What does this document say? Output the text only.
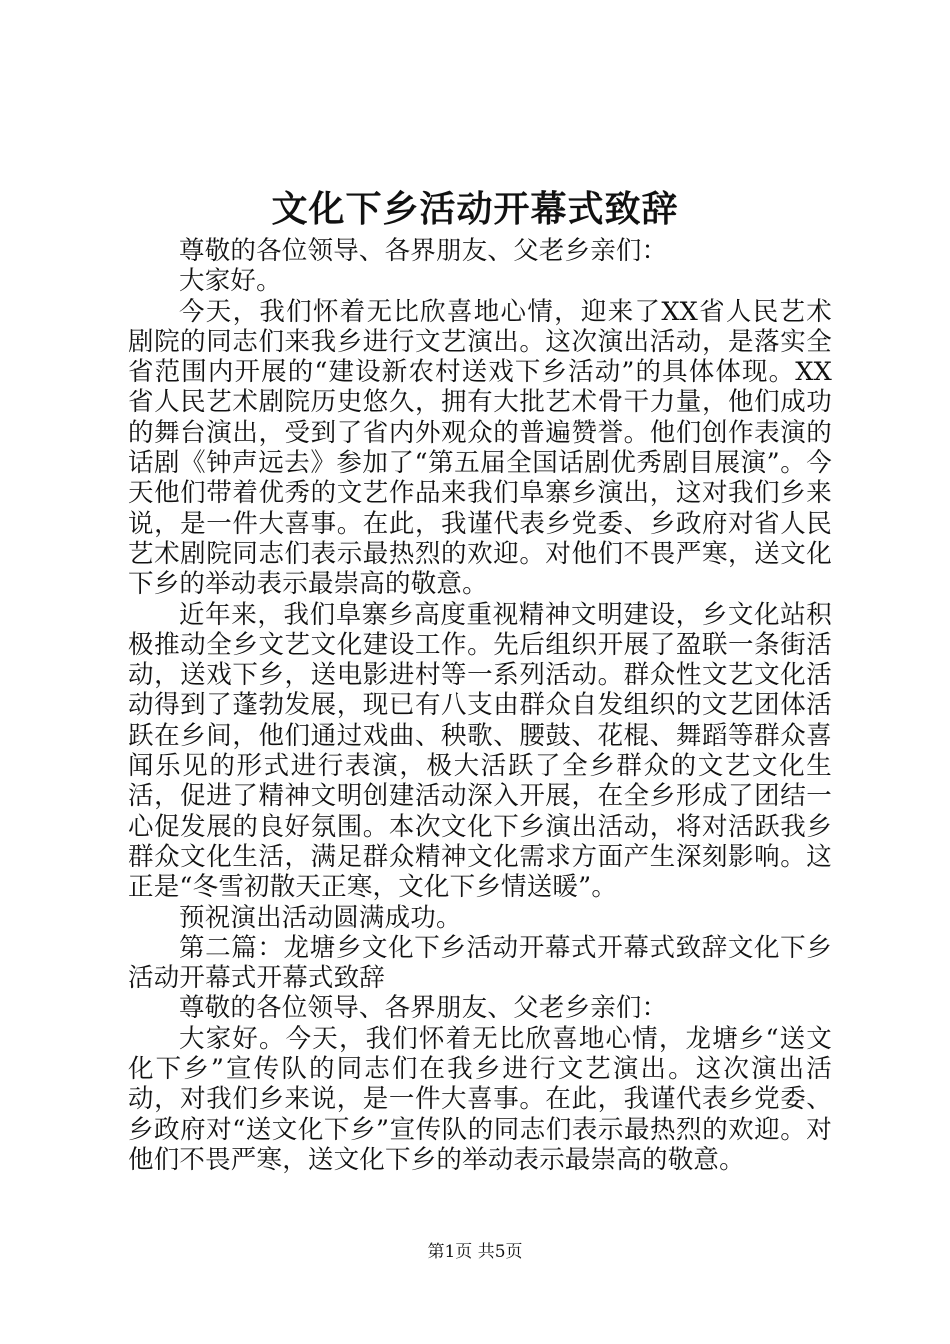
文化下乡活动开幕式致辞

尊敬的各位领导、各界朋友、父老乡亲们：

大家好。

今天，我们怀着无比欣喜地心情，迎来了XX省人民艺术剧院的同志们来我乡进行文艺演出。这次演出活动，是落实全省范围内开展的“建设新农村送戏下乡活动”的具体体现。XX省人民艺术剧院历史悠久，拥有大批艺术骨干力量，他们成功的舞台演出，受到了省内外观众的普遍赞誉。他们创作表演的话剧《钟声远去》参加了“第五届全国话剧优秀剧目展演”。今天他们带着优秀的文艺作品来我们阜寨乡演出，这对我们乡来说，是一件大喜事。在此，我谨代表乡党委、乡政府对省人民艺术剧院同志们表示最热烈的欢迎。对他们不畏严寒，送文化下乡的举动表示最崇高的敬意。

近年来，我们阜寨乡高度重视精神文明建设，乡文化站积极推动全乡文艺文化建设工作。先后组织开展了盈联一条街活动，送戏下乡，送电影进村等一系列活动。群众性文艺文化活动得到了蓬勃发展，现已有八支由群众自发组织的文艺团体活跃在乡间，他们通过戏曲、秧歌、腰鼓、花棍、舞蹈等群众喜闻乐见的形式进行表演，极大活跃了全乡群众的文艺文化生活，促进了精神文明创建活动深入开展，在全乡形成了团结一心促发展的良好氛围。本次文化下乡演出活动，将对活跃我乡群众文化生活，满足群众精神文化需求方面产生深刻影响。这正是“冬雪初散天正寒，文化下乡情送暖”。

预祝演出活动圆满成功。

第二篇：龙塘乡文化下乡活动开幕式开幕式致辞文化下乡活动开幕式开幕式致辞

尊敬的各位领导、各界朋友、父老乡亲们：

大家好。今天，我们怀着无比欣喜地心情，龙塘乡“送文化下乡”宣传队的同志们在我乡进行文艺演出。这次演出活动，对我们乡来说，是一件大喜事。在此，我谨代表乡党委、乡政府对“送文化下乡”宣传队的同志们表示最热烈的欢迎。对他们不畏严寒，送文化下乡的举动表示最崇高的敬意。

第1页 共5页
